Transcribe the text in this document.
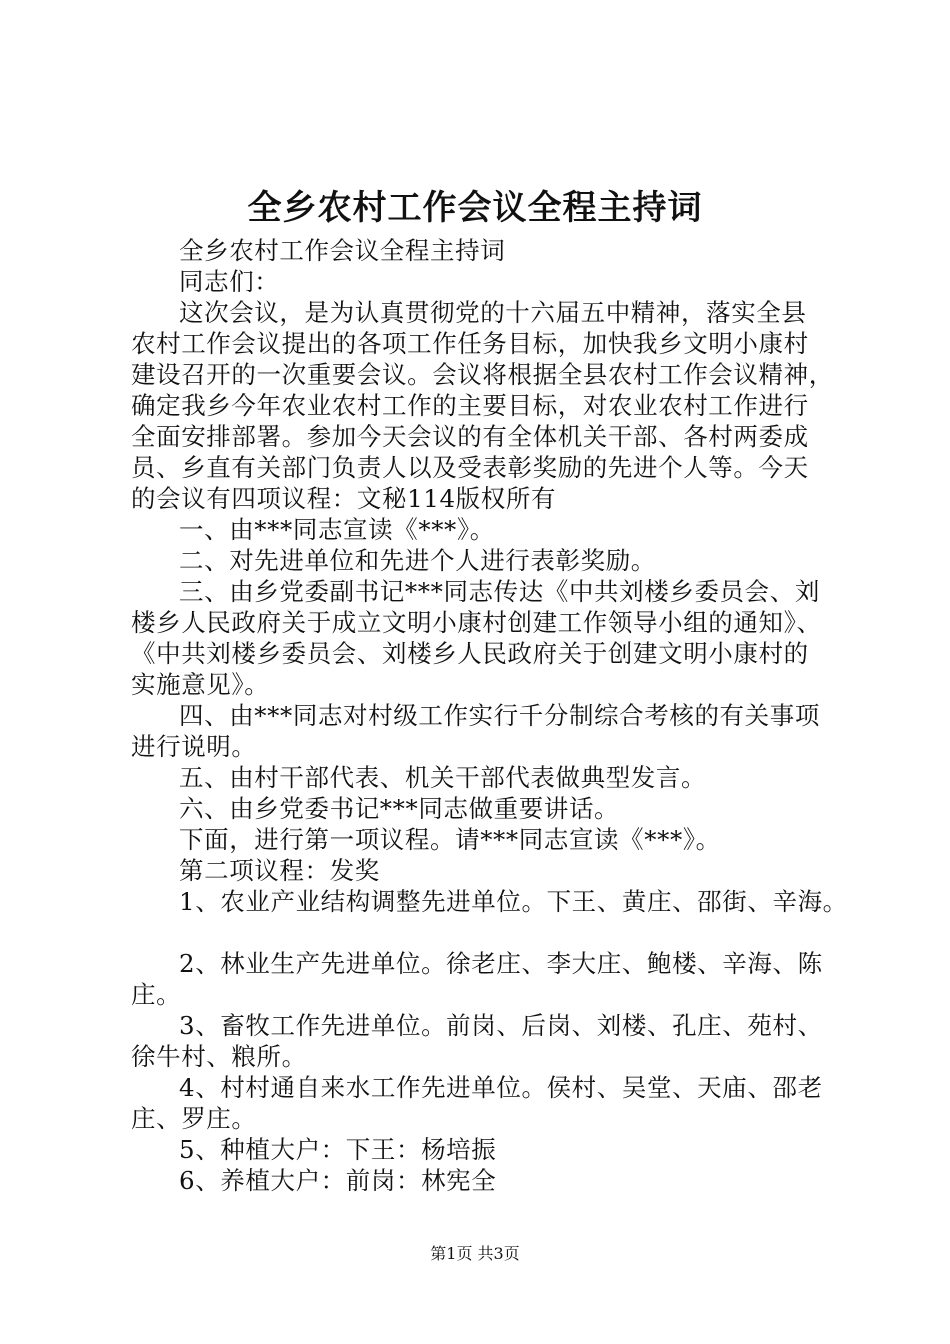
全乡农村工作会议全程主持词
全乡农村工作会议全程主持词
同志们：
这次会议，是为认真贯彻党的十六届五中精神，落实全县
农村工作会议提出的各项工作任务目标，加快我乡文明小康村
建设召开的一次重要会议。会议将根据全县农村工作会议精神，
确定我乡今年农业农村工作的主要目标，对农业农村工作进行
全面安排部署。参加今天会议的有全体机关干部、各村两委成
员、乡直有关部门负责人以及受表彰奖励的先进个人等。今天
的会议有四项议程：文秘114版权所有
一、由***同志宣读《***》。
二、对先进单位和先进个人进行表彰奖励。
三、由乡党委副书记***同志传达《中共刘楼乡委员会、刘
楼乡人民政府关于成立文明小康村创建工作领导小组的通知》、
《中共刘楼乡委员会、刘楼乡人民政府关于创建文明小康村的
实施意见》。
四、由***同志对村级工作实行千分制综合考核的有关事项
进行说明。
五、由村干部代表、机关干部代表做典型发言。
六、由乡党委书记***同志做重要讲话。
下面，进行第一项议程。请***同志宣读《***》。
第二项议程：发奖
1、农业产业结构调整先进单位。下王、黄庄、邵街、辛海。
2、林业生产先进单位。徐老庄、李大庄、鲍楼、辛海、陈
庄。
3、畜牧工作先进单位。前岗、后岗、刘楼、孔庄、苑村、
徐牛村、粮所。
4、村村通自来水工作先进单位。侯村、吴堂、天庙、邵老
庄、罗庄。
5、种植大户：下王：杨培振
6、养植大户：前岗：林宪全
第1页 共3页
